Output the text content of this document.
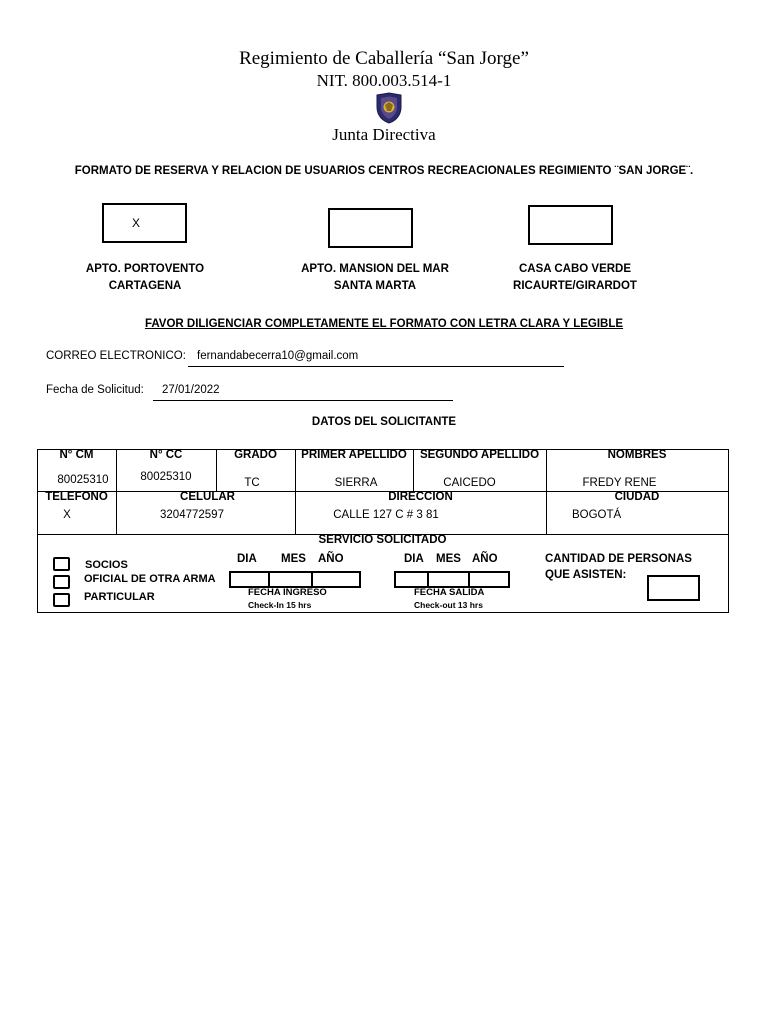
Regimiento de Caballería “San Jorge”
NIT. 800.003.514-1
Junta Directiva
FORMATO DE RESERVA Y RELACION DE USUARIOS CENTROS RECREACIONALES REGIMIENTO ¨SAN JORGE¨.
X
APTO. PORTOVENTO
CARTAGENA
APTO. MANSION DEL MAR
SANTA MARTA
CASA CABO VERDE
RICAURTE/GIRARDOT
FAVOR DILIGENCIAR COMPLETAMENTE EL FORMATO CON LETRA CLARA Y LEGIBLE
CORREO ELECTRONICO: fernandabecerra10@gmail.com
Fecha de Solicitud: 27/01/2022
DATOS DEL SOLICITANTE
N° CM	N° CC	GRADO	PRIMER APELLIDO	SEGUNDO APELLIDO	NOMBRES
80025310	80025310	TC	SIERRA	CAICEDO	FREDY RENE
TELEFONO	CELULAR	DIRECCION	CIUDAD
X	3204772597	CALLE 127 C # 3 81	BOGOTÁ
SERVICIO SOLICITADO
SOCIOS
OFICIAL DE OTRA ARMA
PARTICULAR
DIA MES AÑO
FECHA INGRESO
Check-In 15 hrs
DIA MES AÑO
FECHA SALIDA
Check-out 13 hrs
CANTIDAD DE PERSONAS
QUE ASISTEN:
